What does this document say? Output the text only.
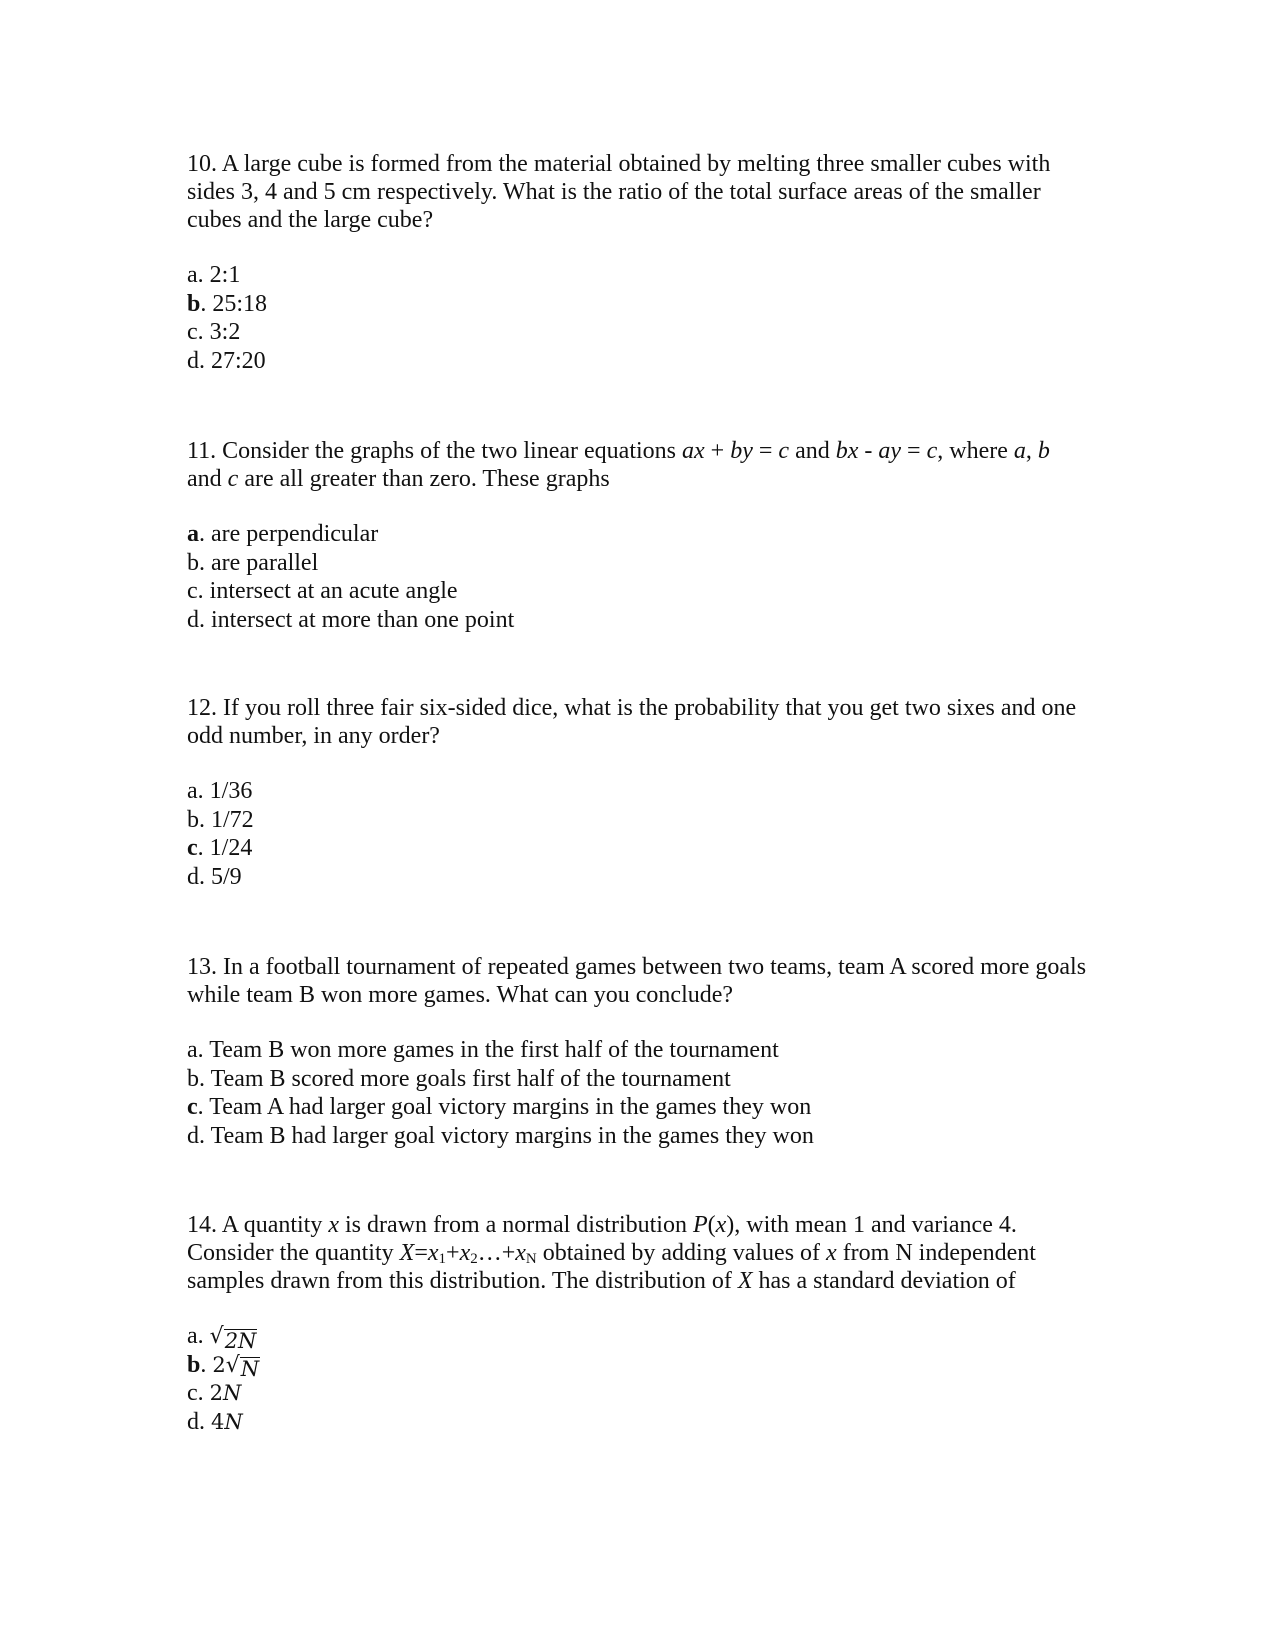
10. A large cube is formed from the material obtained by melting three smaller cubes with sides 3, 4 and 5 cm respectively. What is the ratio of the total surface areas of the smaller cubes and the large cube?

a. 2:1
b. 25:18
c. 3:2
d. 27:20

11. Consider the graphs of the two linear equations ax + by = c and bx - ay = c, where a, b and c are all greater than zero. These graphs

a. are perpendicular
b. are parallel
c. intersect at an acute angle
d. intersect at more than one point

12. If you roll three fair six-sided dice, what is the probability that you get two sixes and one odd number, in any order?

a. 1/36
b. 1/72
c. 1/24
d. 5/9

13. In a football tournament of repeated games between two teams, team A scored more goals while team B won more games. What can you conclude?

a. Team B won more games in the first half of the tournament
b. Team B scored more goals first half of the tournament
c. Team A had larger goal victory margins in the games they won
d. Team B had larger goal victory margins in the games they won

14. A quantity x is drawn from a normal distribution P(x), with mean 1 and variance 4. Consider the quantity $X=x_1+x_2\dots+x_N$ obtained by adding values of x from N independent samples drawn from this distribution. The distribution of X has a standard deviation of

a. √ 2N
b. 2 √ N
c. 2N
d. 4N
